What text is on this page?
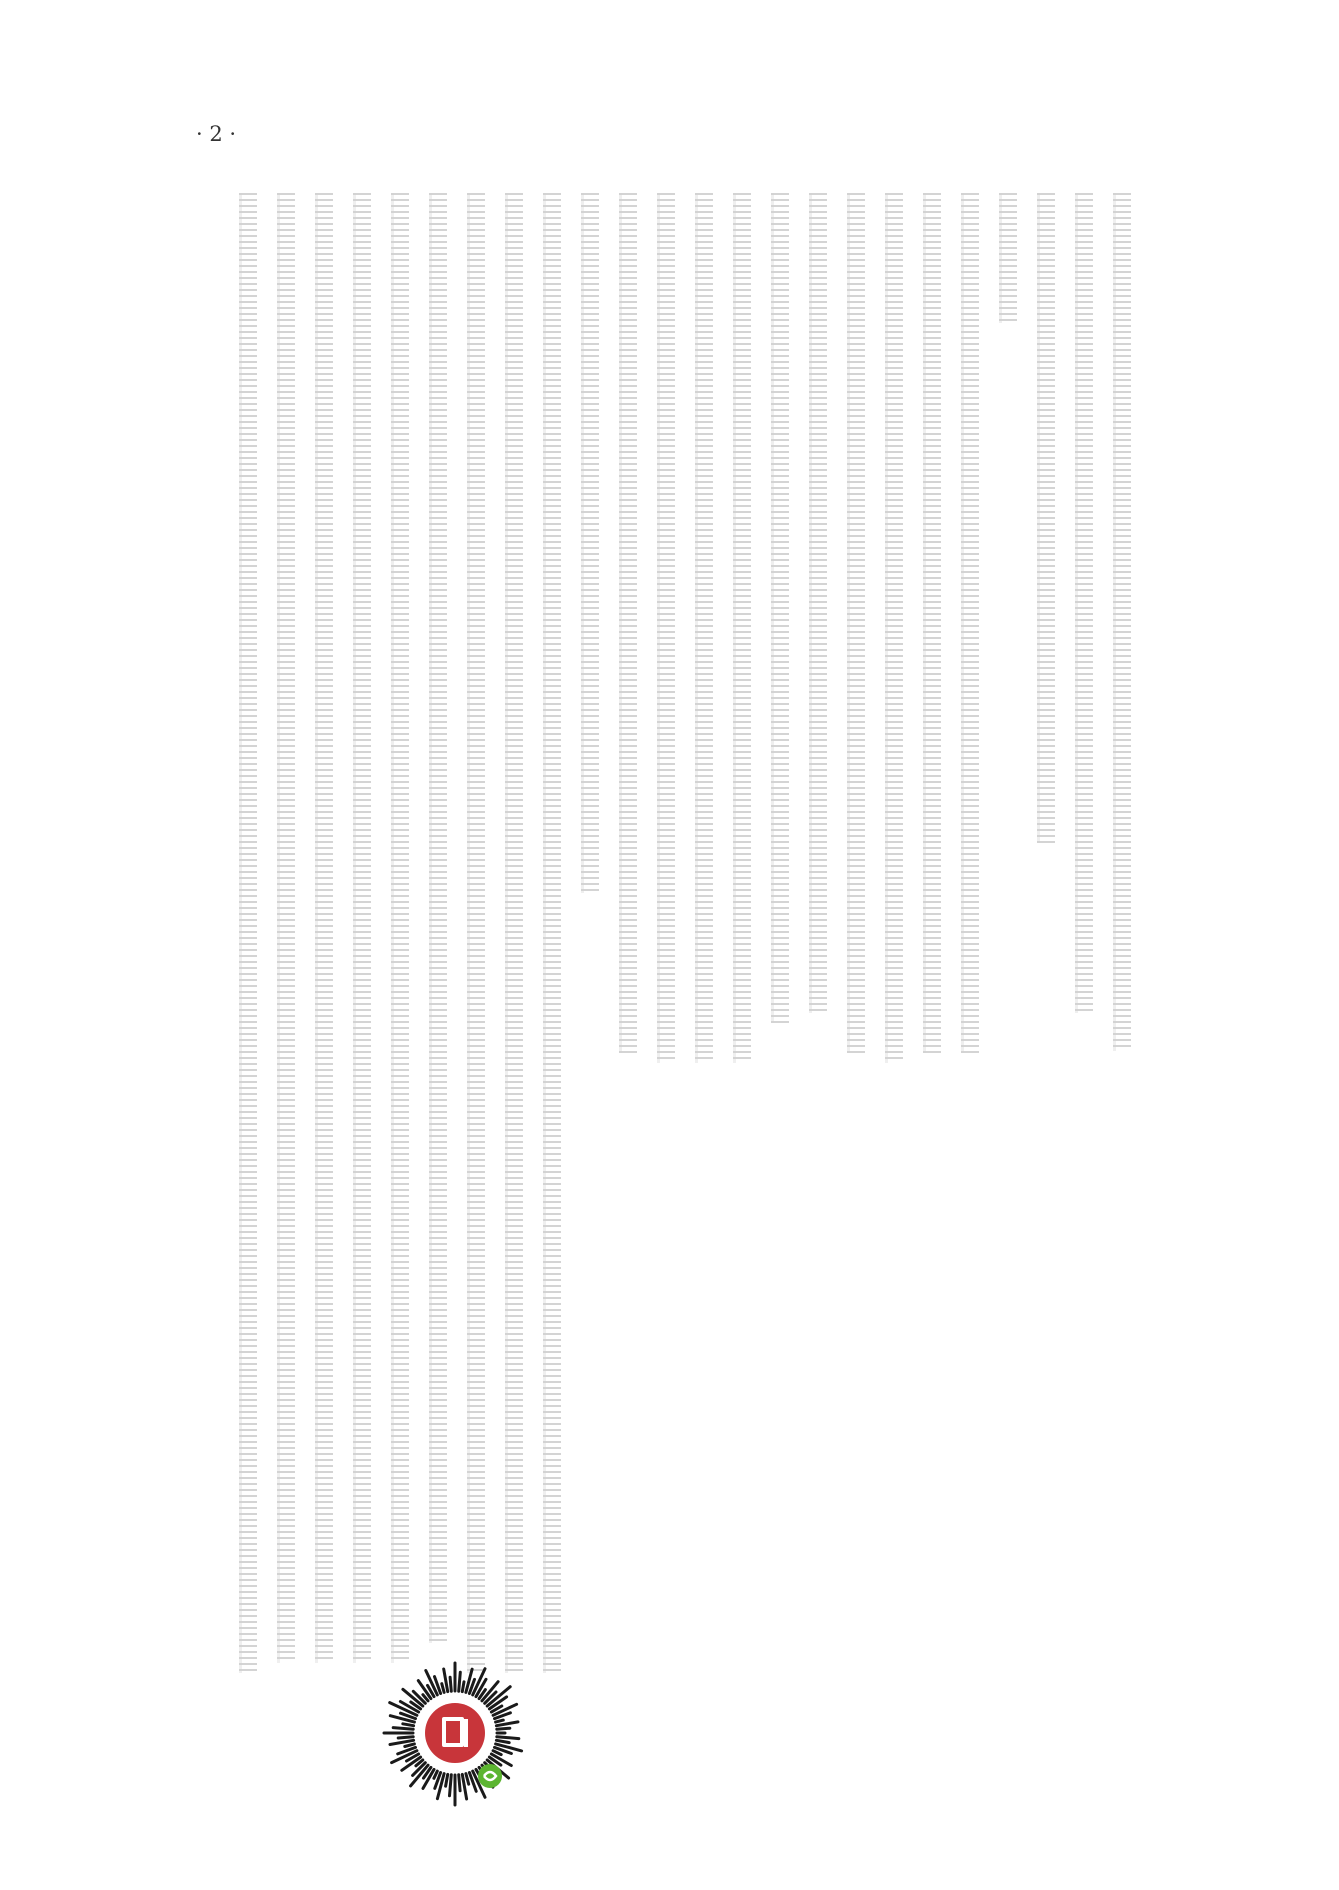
· 2 ·
